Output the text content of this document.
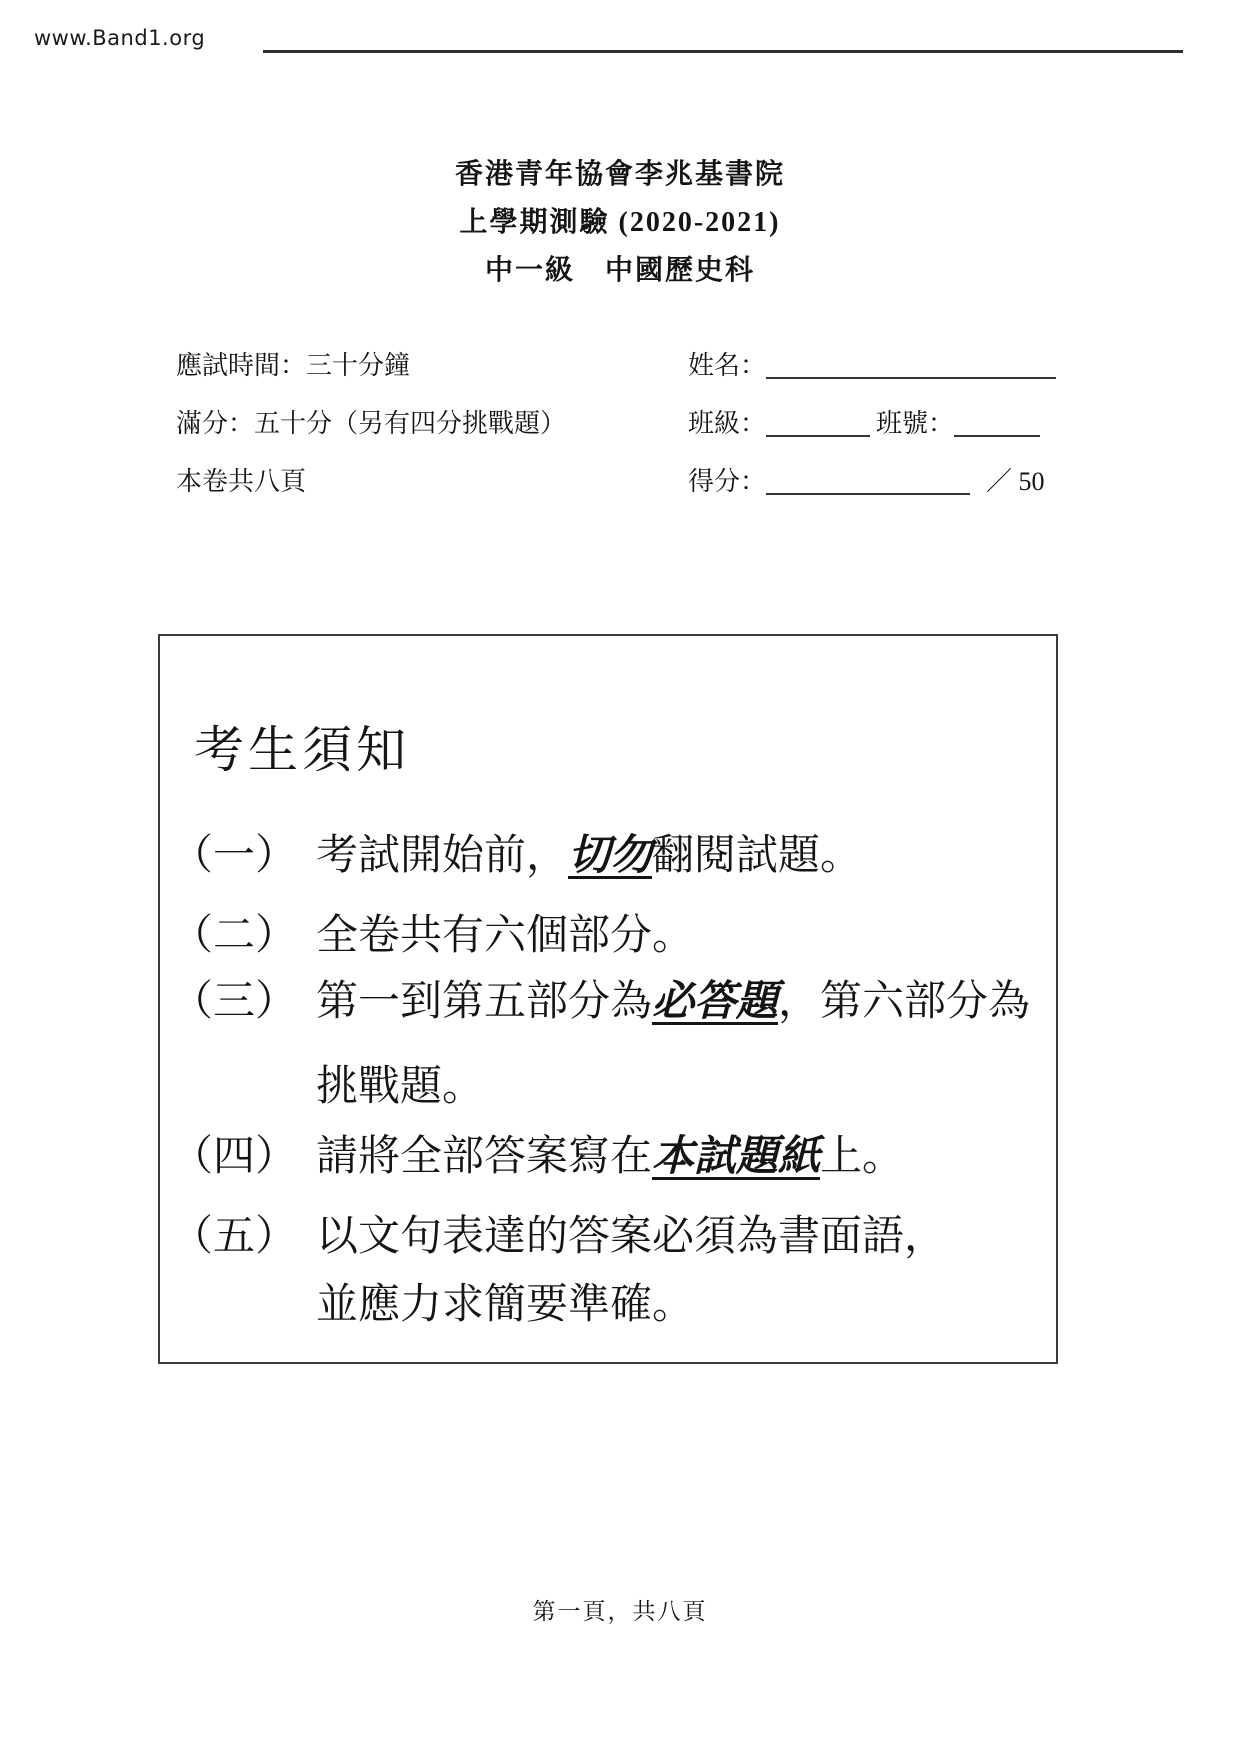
www.Band1.org
香港青年協會李兆基書院
上學期測驗 (2020-2021)
中一級　中國歷史科
應試時間：三十分鐘
滿分：五十分（另有四分挑戰題）
本卷共八頁
姓名：
班級：	班號：
得分：	／ 50
考生須知
（一） 考試開始前，切勿翻閱試題。
（二） 全卷共有六個部分。
（三） 第一到第五部分為必答題，第六部分為
挑戰題。
（四） 請將全部答案寫在本試題紙上。
（五） 以文句表達的答案必須為書面語，
並應力求簡要準確。
第一頁，共八頁
